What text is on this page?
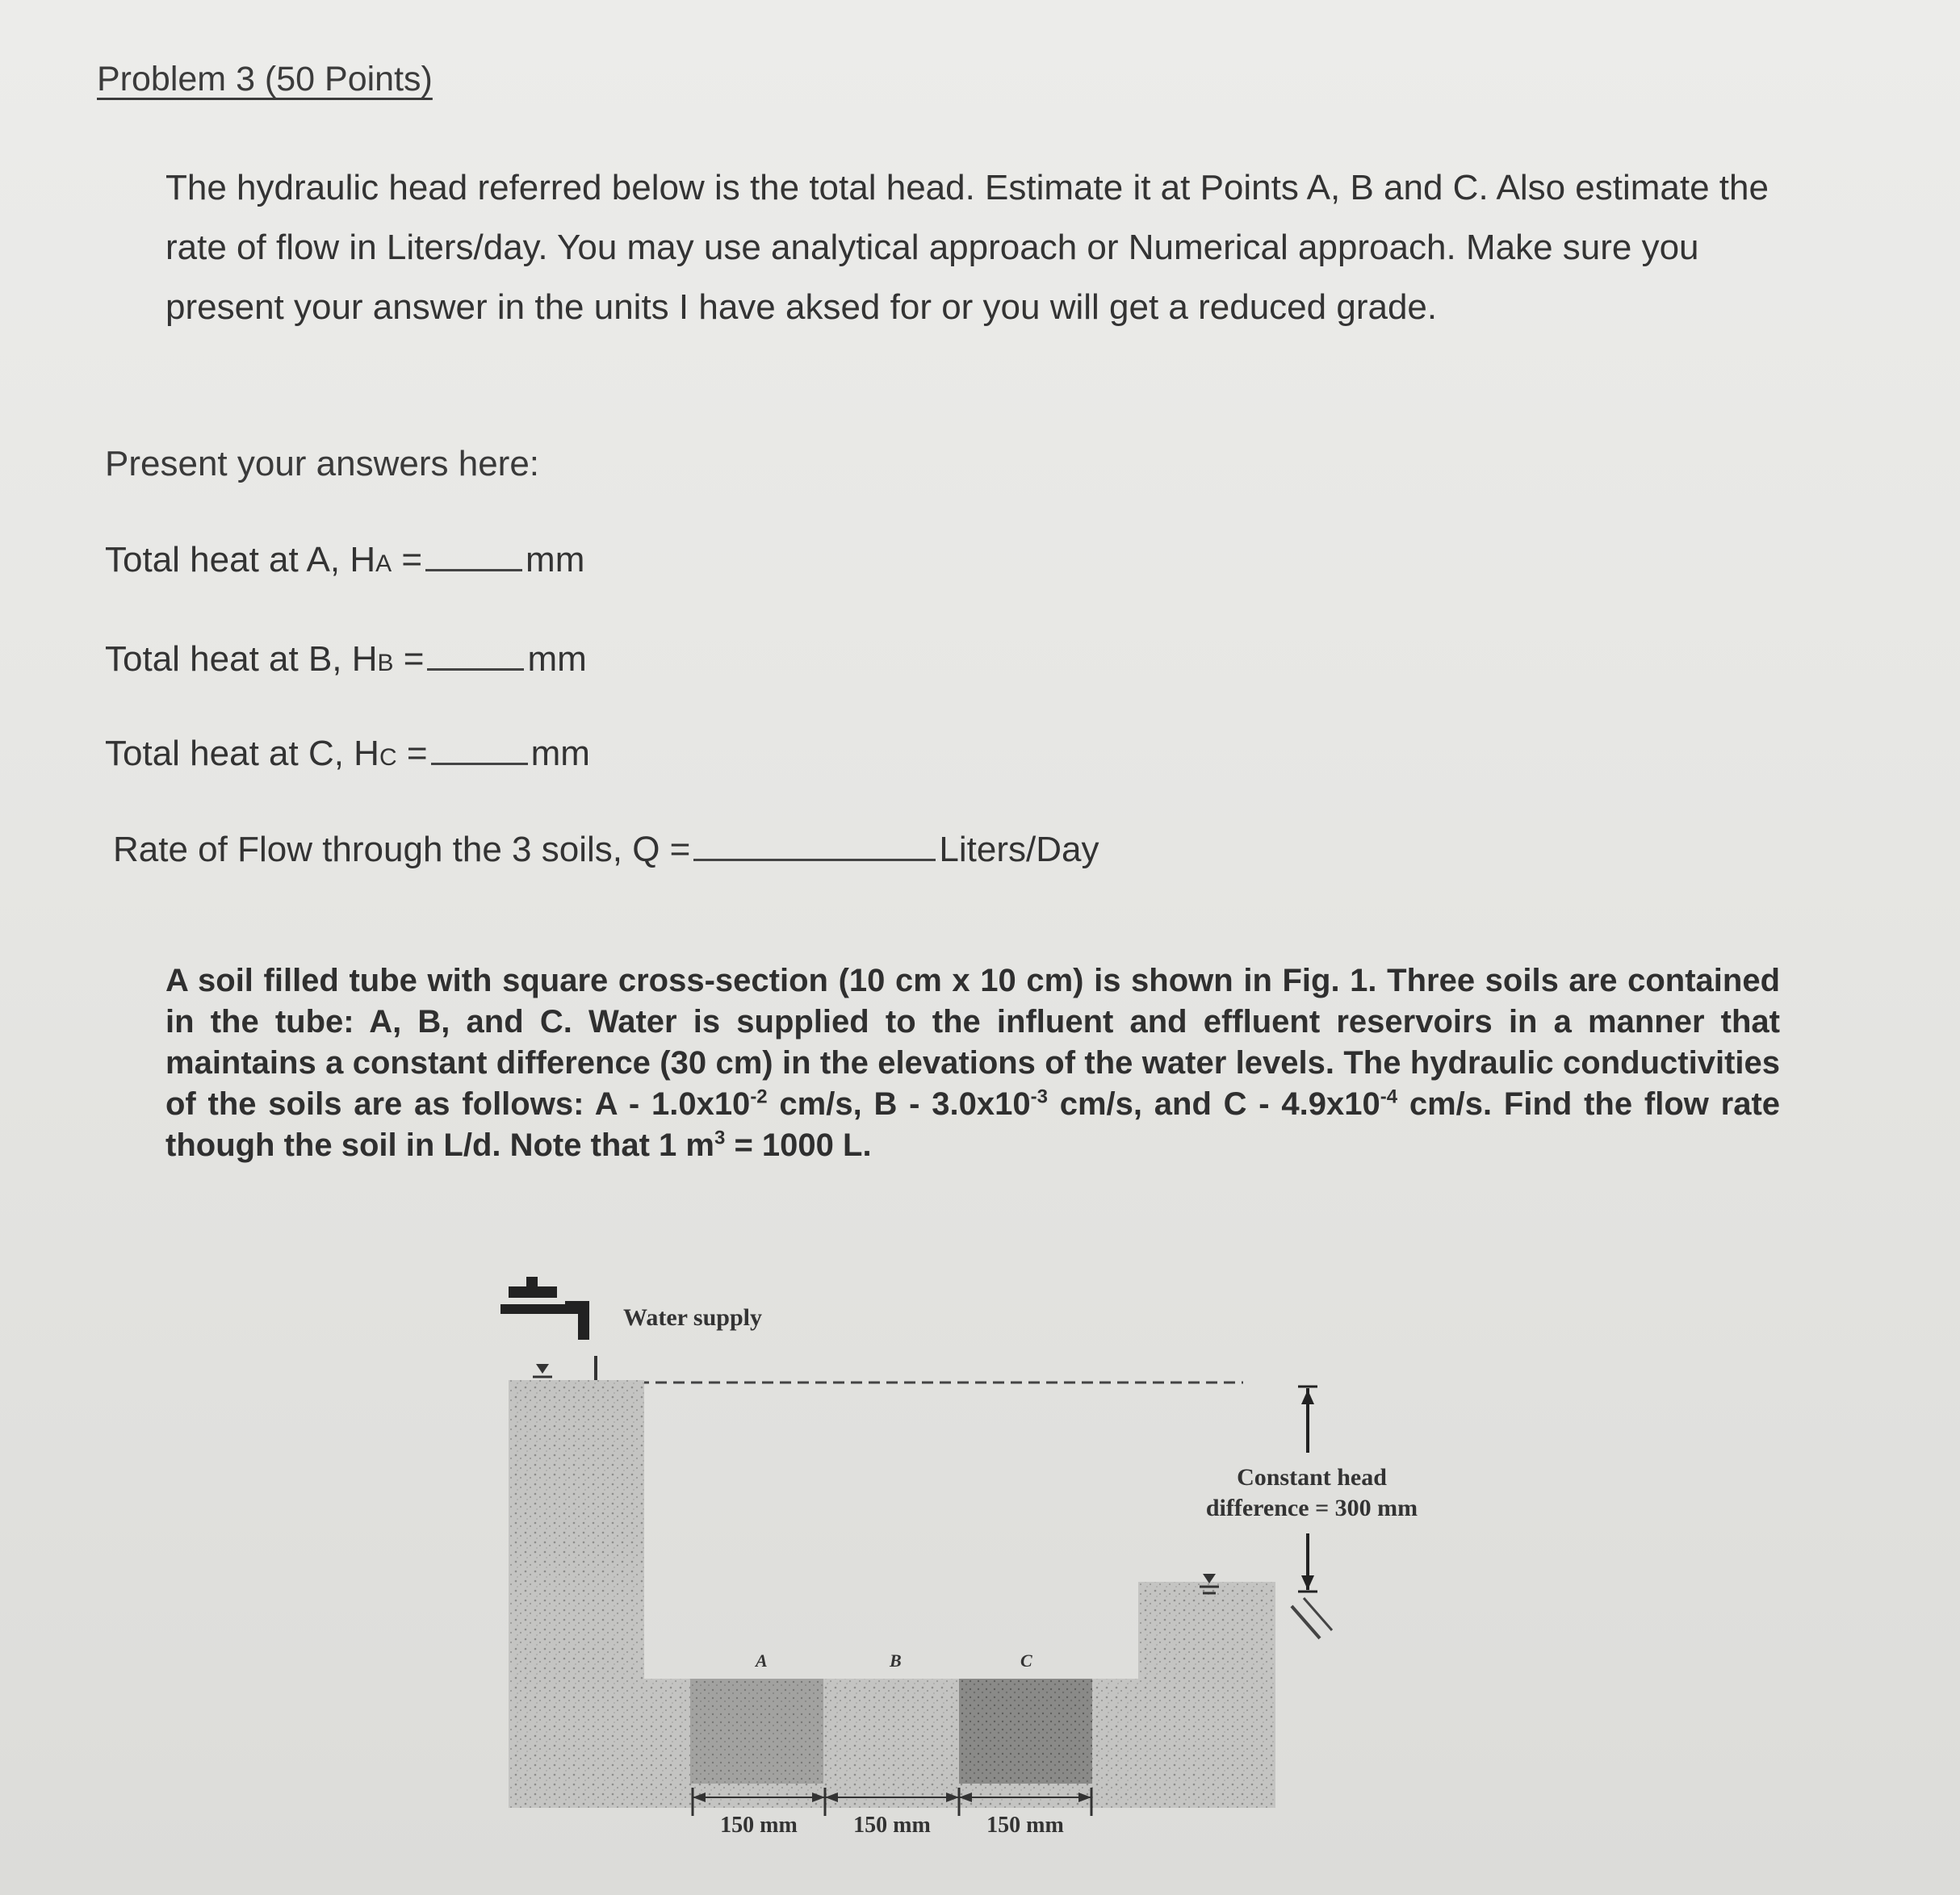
Problem 3 (50 Points)
The hydraulic head referred below is the total head. Estimate it at Points A, B and C. Also estimate the rate of flow in Liters/day. You may use analytical approach or Numerical approach. Make sure you present your answer in the units I have aksed for or you will get a reduced grade.
Present your answers here:
Total heat at A, HA =	mm
Total heat at B, HB =	mm
Total heat at C, HC =	mm
Rate of Flow through the 3 soils, Q =	Liters/Day
A soil filled tube with square cross-section (10 cm x 10 cm) is shown in Fig. 1. Three soils are contained in the tube: A, B, and C. Water is supplied to the influent and effluent reservoirs in a manner that maintains a constant difference (30 cm) in the elevations of the water levels. The hydraulic conductivities of the soils are as follows: A - $1.0x10^{-2}$ cm/s, B - $3.0x10^{-3}$ cm/s, and C - $4.9x10^{-4}$ cm/s. Find the flow rate though the soil in L/d. Note that 1 $m^3 = 1000$ L.
Water supply
A	B	C
Constant head
difference = 300 mm
150 mm 150 mm 150 mm
